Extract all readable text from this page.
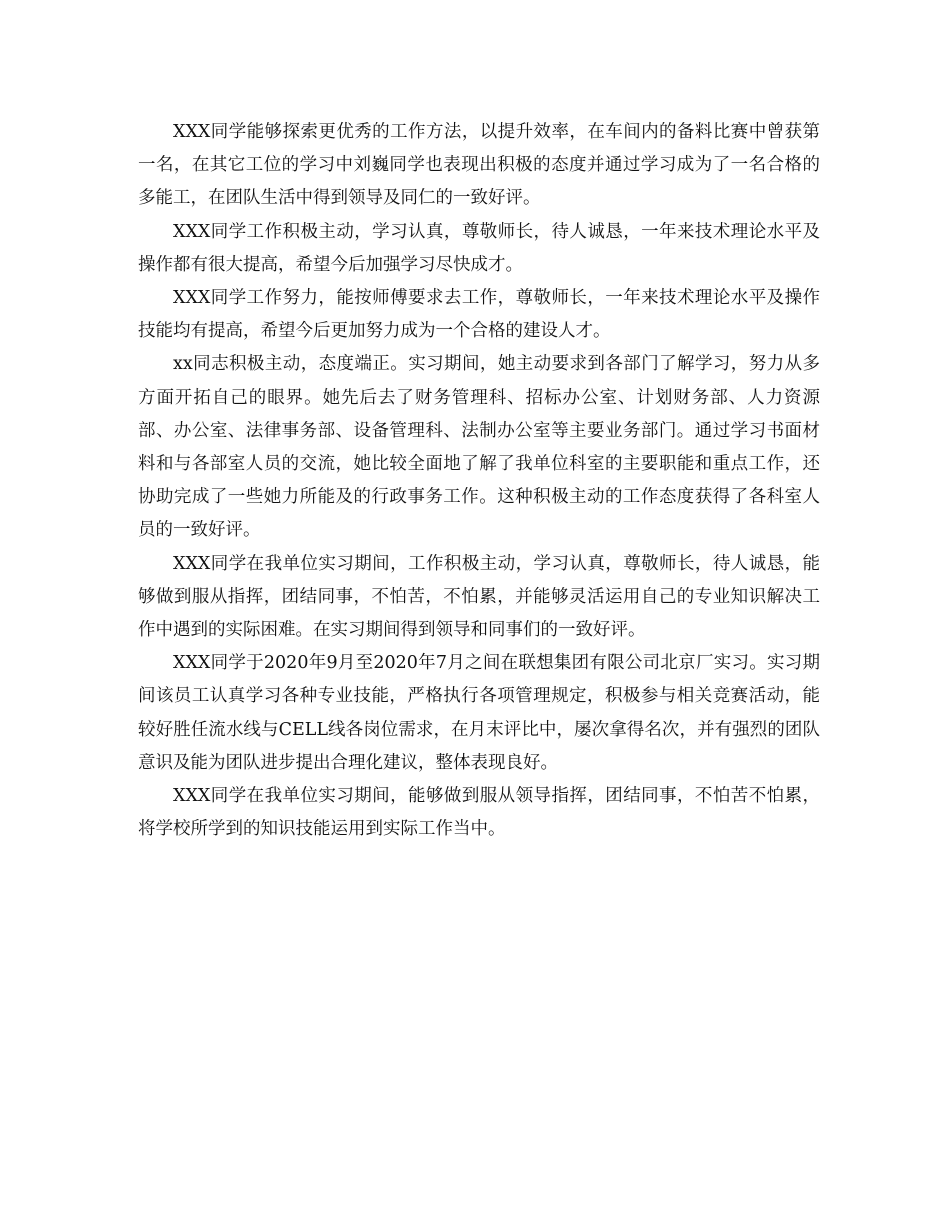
XXX同学能够探索更优秀的工作方法，以提升效率，在车间内的备料比赛中曾获第一名，在其它工位的学习中刘巍同学也表现出积极的态度并通过学习成为了一名合格的多能工，在团队生活中得到领导及同仁的一致好评。

XXX同学工作积极主动，学习认真，尊敬师长，待人诚恳，一年来技术理论水平及操作都有很大提高，希望今后加强学习尽快成才。

XXX同学工作努力，能按师傅要求去工作，尊敬师长，一年来技术理论水平及操作技能均有提高，希望今后更加努力成为一个合格的建设人才。

xx同志积极主动，态度端正。实习期间，她主动要求到各部门了解学习，努力从多方面开拓自己的眼界。她先后去了财务管理科、招标办公室、计划财务部、人力资源部、办公室、法律事务部、设备管理科、法制办公室等主要业务部门。通过学习书面材料和与各部室人员的交流，她比较全面地了解了我单位科室的主要职能和重点工作，还协助完成了一些她力所能及的行政事务工作。这种积极主动的工作态度获得了各科室人员的一致好评。

XXX同学在我单位实习期间，工作积极主动，学习认真，尊敬师长，待人诚恳，能够做到服从指挥，团结同事，不怕苦，不怕累，并能够灵活运用自己的专业知识解决工作中遇到的实际困难。在实习期间得到领导和同事们的一致好评。

XXX同学于2020年9月至2020年7月之间在联想集团有限公司北京厂实习。实习期间该员工认真学习各种专业技能，严格执行各项管理规定，积极参与相关竞赛活动，能较好胜任流水线与CELL线各岗位需求，在月末评比中，屡次拿得名次，并有强烈的团队意识及能为团队进步提出合理化建议，整体表现良好。

XXX同学在我单位实习期间，能够做到服从领导指挥，团结同事，不怕苦不怕累，将学校所学到的知识技能运用到实际工作当中。
